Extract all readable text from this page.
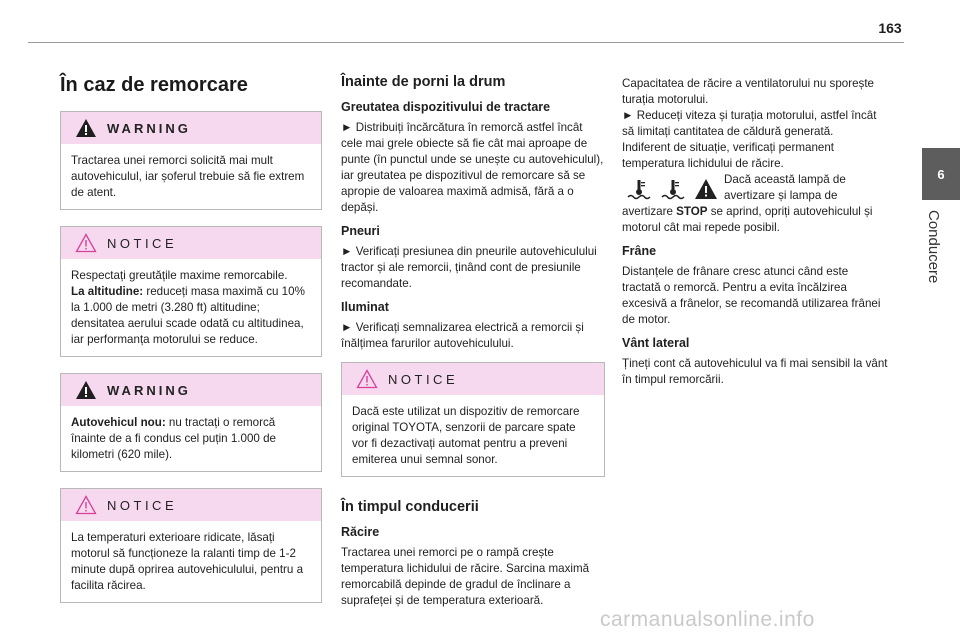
163
6
Conducere
În caz de remorcare
WARNING

Tractarea unei remorci solicită mai mult autovehiculul, iar șoferul trebuie să fie extrem de atent.

NOTICE

Respectați greutățile maxime remorcabile.
La altitudine: reduceți masa maximă cu 10% la 1.000 de metri (3.280 ft) altitudine; densitatea aerului scade odată cu altitudinea, iar performanța motorului se reduce.

WARNING

Autovehicul nou: nu tractați o remorcă înainte de a fi condus cel puțin 1.000 de kilometri (620 mile).

NOTICE

La temperaturi exterioare ridicate, lăsați motorul să funcționeze la ralanti timp de 1-2 minute după oprirea autovehiculului, pentru a facilita răcirea.

Înainte de porni la drum
Greutatea dispozitivului de tractare

► Distribuiți încărcătura în remorcă astfel încât cele mai grele obiecte să fie cât mai aproape de punte (în punctul unde se unește cu autovehiculul), iar greutatea pe dispozitivul de remorcare să se apropie de valoarea maximă admisă, fără a o depăși.

Pneuri

► Verificați presiunea din pneurile autovehiculului tractor și ale remorcii, ținând cont de presiunile recomandate.

Iluminat

► Verificați semnalizarea electrică a remorcii și înălțimea farurilor autovehiculului.

NOTICE

Dacă este utilizat un dispozitiv de remorcare original TOYOTA, senzorii de parcare spate vor fi dezactivați automat pentru a preveni emiterea unui semnal sonor.

În timpul conducerii
Răcire

Tractarea unei remorci pe o rampă crește temperatura lichidului de răcire. Sarcina maximă remorcabilă depinde de gradul de înclinare a suprafeței și de temperatura exterioară.

Capacitatea de răcire a ventilatorului nu sporește turația motorului.

► Reduceți viteza și turația motorului, astfel încât să limitați cantitatea de căldură generată.

Indiferent de situație, verificați permanent temperatura lichidului de răcire.

Dacă această lampă de avertizare și lampa de

avertizare STOP se aprind, opriți autovehiculul și motorul cât mai repede posibil.

Frâne

Distanțele de frânare cresc atunci când este tractată o remorcă. Pentru a evita încălzirea excesivă a frânelor, se recomandă utilizarea frânei de motor.

Vânt lateral

Țineți cont că autovehiculul va fi mai sensibil la vânt în timpul remorcării.

carmanualsonline.info
